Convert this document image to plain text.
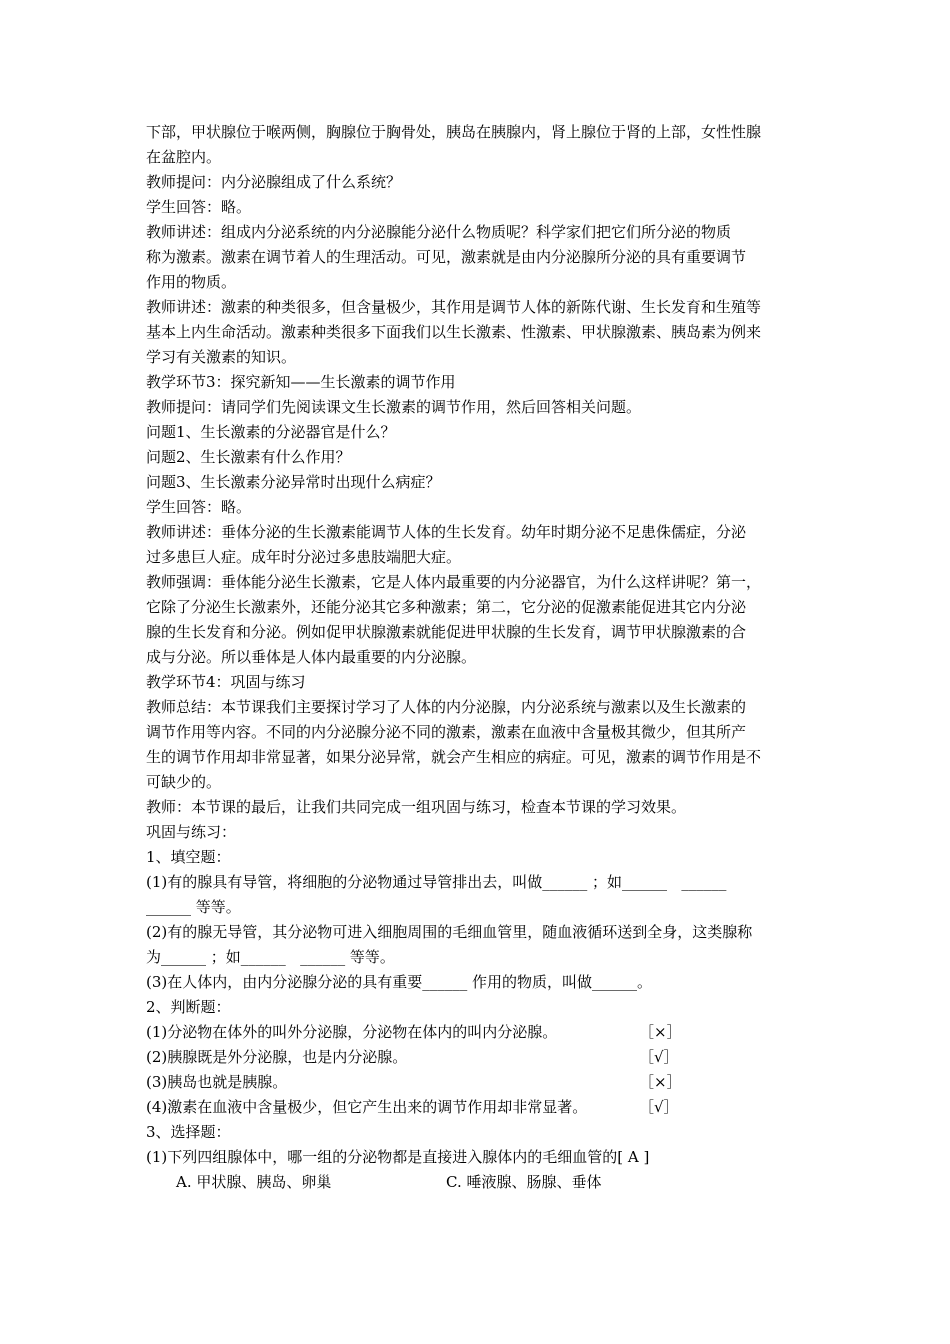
下部，甲状腺位于喉两侧，胸腺位于胸骨处，胰岛在胰腺内，肾上腺位于肾的上部，女性性腺
在盆腔内。
教师提问：内分泌腺组成了什么系统？
学生回答：略。
教师讲述：组成内分泌系统的内分泌腺能分泌什么物质呢？科学家们把它们所分泌的物质
称为激素。激素在调节着人的生理活动。可见，激素就是由内分泌腺所分泌的具有重要调节
作用的物质。
教师讲述：激素的种类很多，但含量极少，其作用是调节人体的新陈代谢、生长发育和生殖等
基本上内生命活动。激素种类很多下面我们以生长激素、性激素、甲状腺激素、胰岛素为例来
学习有关激素的知识。
教学环节3：探究新知——生长激素的调节作用
教师提问：请同学们先阅读课文生长激素的调节作用，然后回答相关问题。
问题1、生长激素的分泌器官是什么？
问题2、生长激素有什么作用？
问题3、生长激素分泌异常时出现什么病症？
学生回答：略。
教师讲述：垂体分泌的生长激素能调节人体的生长发育。幼年时期分泌不足患侏儒症，分泌
过多患巨人症。成年时分泌过多患肢端肥大症。
教师强调：垂体能分泌生长激素，它是人体内最重要的内分泌器官，为什么这样讲呢？第一，
它除了分泌生长激素外，还能分泌其它多种激素；第二，它分泌的促激素能促进其它内分泌
腺的生长发育和分泌。例如促甲状腺激素就能促进甲状腺的生长发育，调节甲状腺激素的合
成与分泌。所以垂体是人体内最重要的内分泌腺。
教学环节4：巩固与练习
教师总结：本节课我们主要探讨学习了人体的内分泌腺，内分泌系统与激素以及生长激素的
调节作用等内容。不同的内分泌腺分泌不同的激素，激素在血液中含量极其微少，但其所产
生的调节作用却非常显著，如果分泌异常，就会产生相应的病症。可见，激素的调节作用是不
可缺少的。
教师：本节课的最后，让我们共同完成一组巩固与练习，检查本节课的学习效果。
巩固与练习：
1、填空题：
(1)有的腺具有导管，将细胞的分泌物通过导管排出去，叫做______ ；如______   ______
______ 等等。
(2)有的腺无导管，其分泌物可进入细胞周围的毛细血管里，随血液循环送到全身，这类腺称
为______ ；如______   ______ 等等。
(3)在人体内，由内分泌腺分泌的具有重要______ 作用的物质，叫做______。
2、判断题：
(1)分泌物在体外的叫外分泌腺，分泌物在体内的叫内分泌腺。	［×］
(2)胰腺既是外分泌腺，也是内分泌腺。	［√］
(3)胰岛也就是胰腺。	［×］
(4)激素在血液中含量极少，但它产生出来的调节作用却非常显著。	［√］
3、选择题：
(1)下列四组腺体中，哪一组的分泌物都是直接进入腺体内的毛细血管的[ A ]
A. 甲状腺、胰岛、卵巢	C. 唾液腺、肠腺、垂体
